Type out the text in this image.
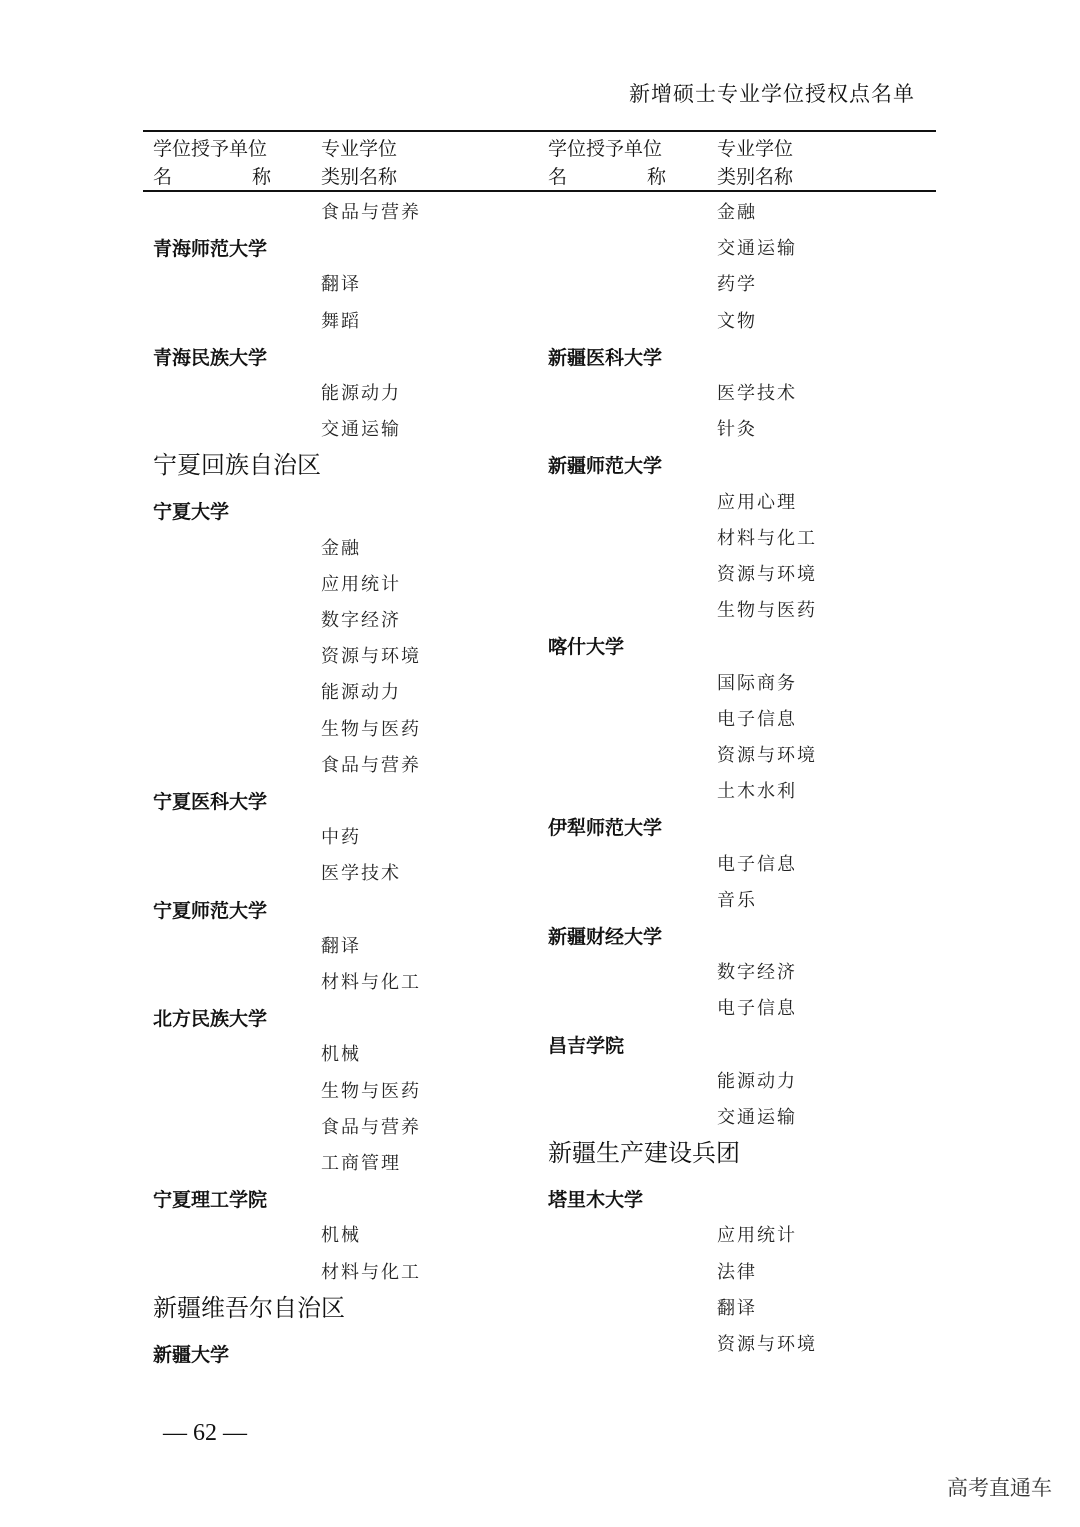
新增硕士专业学位授权点名单
学位授予单位
名	称
专业学位
类别名称
学位授予单位
名	称
专业学位
类别名称
食品与营养
青海师范大学
翻译
舞蹈
青海民族大学
能源动力
交通运输
宁夏回族自治区
宁夏大学
金融
应用统计
数字经济
资源与环境
能源动力
生物与医药
食品与营养
宁夏医科大学
中药
医学技术
宁夏师范大学
翻译
材料与化工
北方民族大学
机械
生物与医药
食品与营养
工商管理
宁夏理工学院
机械
材料与化工
新疆维吾尔自治区
新疆大学
金融
交通运输
药学
文物
新疆医科大学
医学技术
针灸
新疆师范大学
应用心理
材料与化工
资源与环境
生物与医药
喀什大学
国际商务
电子信息
资源与环境
土木水利
伊犁师范大学
电子信息
音乐
新疆财经大学
数字经济
电子信息
昌吉学院
能源动力
交通运输
新疆生产建设兵团
塔里木大学
应用统计
法律
翻译
资源与环境
— 62 —
高考直通车
